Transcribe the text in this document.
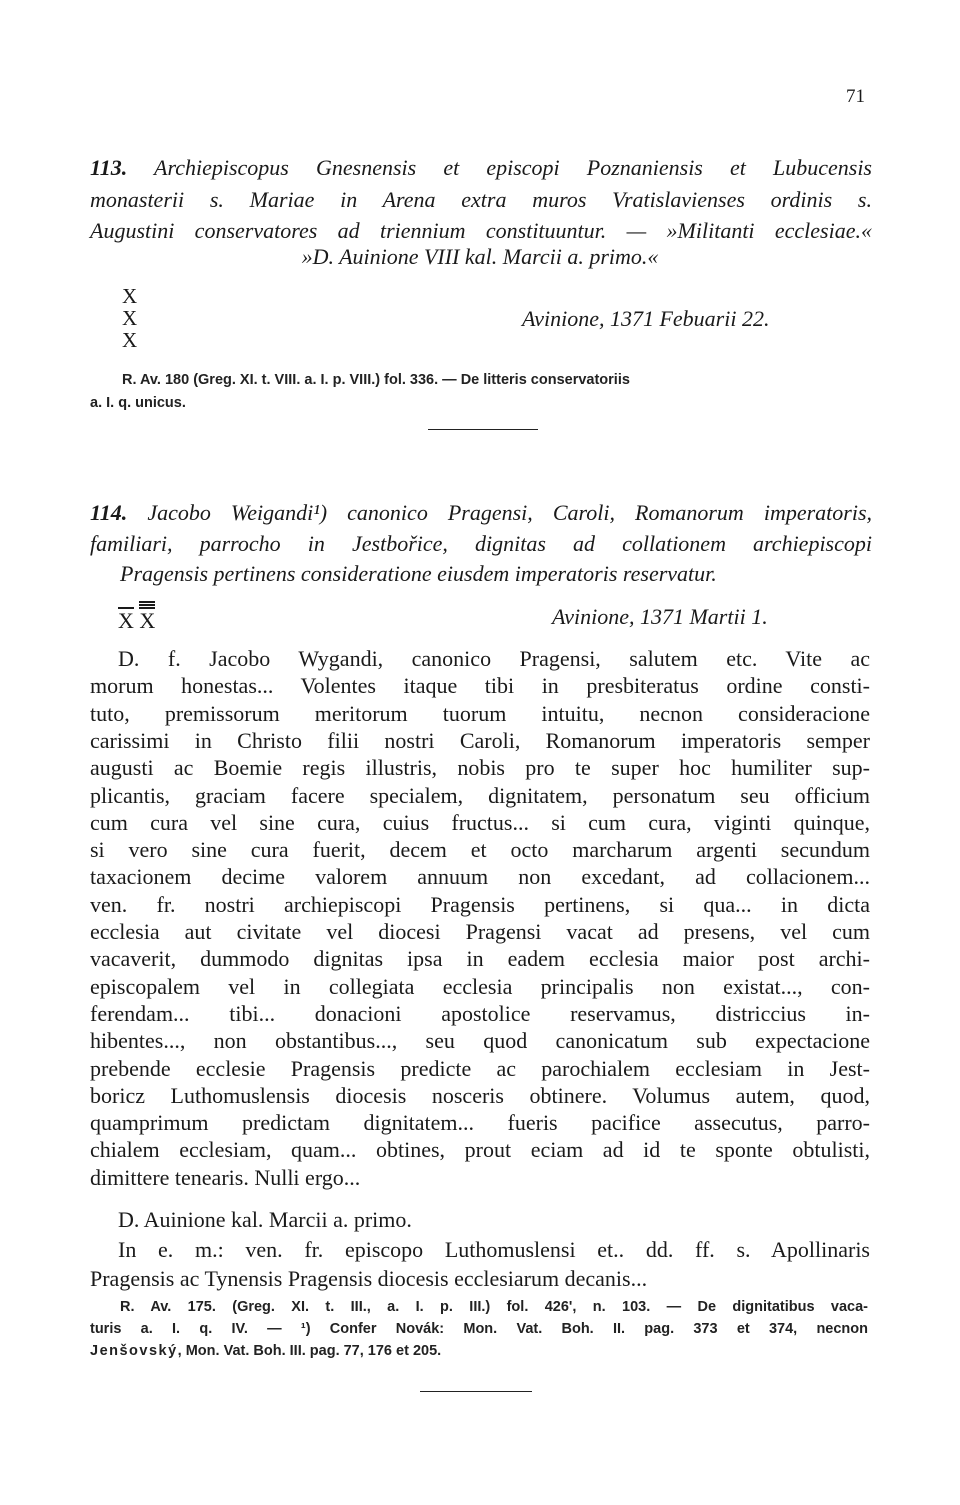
71
113. Archiepiscopus Gnesnensis et episcopi Poznaniensis et Lubucensis
monasterii s. Mariae in Arena extra muros Vratislavienses ordinis s.
Augustini conservatores ad triennium constituuntur. — »Militanti ecclesiae.«
»D. Auinione VIII kal. Marcii a. primo.«
X
X
X
Avinione, 1371 Febuarii 22.
R. Av. 180 (Greg. XI. t. VIII. a. I. p. VIII.) fol. 336. — De litteris conservatoriis
a. I. q. unicus.
114. Jacobo Weigandi¹) canonico Pragensi, Caroli, Romanorum imperatoris,
familiari, parrocho in Jestbořice, dignitas ad collationem archiepiscopi
Pragensis pertinens consideratione eiusdem imperatoris reservatur.
X X	Avinione, 1371 Martii 1.
D. f. Jacobo Wygandi, canonico Pragensi, salutem etc. Vite ac
morum honestas... Volentes itaque tibi in presbiteratus ordine consti-
tuto, premissorum meritorum tuorum intuitu, necnon consideracione
carissimi in Christo filii nostri Caroli, Romanorum imperatoris semper
augusti ac Boemie regis illustris, nobis pro te super hoc humiliter sup-
plicantis, graciam facere specialem, dignitatem, personatum seu officium
cum cura vel sine cura, cuius fructus... si cum cura, viginti quinque,
si vero sine cura fuerit, decem et octo marcharum argenti secundum
taxacionem decime valorem annuum non excedant, ad collacionem...
ven. fr. nostri archiepiscopi Pragensis pertinens, si qua... in dicta
ecclesia aut civitate vel diocesi Pragensi vacat ad presens, vel cum
vacaverit, dummodo dignitas ipsa in eadem ecclesia maior post archi-
episcopalem vel in collegiata ecclesia principalis non existat..., con-
ferendam... tibi... donacioni apostolice reservamus, districcius in-
hibentes..., non obstantibus..., seu quod canonicatum sub expectacione
prebende ecclesie Pragensis predicte ac parochialem ecclesiam in Jest-
boricz Luthomuslensis diocesis nosceris obtinere. Volumus autem, quod,
quamprimum predictam dignitatem... fueris pacifice assecutus, parro-
chialem ecclesiam, quam... obtines, prout eciam ad id te sponte obtulisti,
dimittere tenearis. Nulli ergo...
D. Auinione kal. Marcii a. primo.
In e. m.: ven. fr. episcopo Luthomuslensi et.. dd. ff. s. Apollinaris
Pragensis ac Tynensis Pragensis diocesis ecclesiarum decanis...
R. Av. 175. (Greg. XI. t. III., a. I. p. III.) fol. 426', n. 103. — De dignitatibus vaca-
turis a. I. q. IV. — ¹) Confer Novák: Mon. Vat. Boh. II. pag. 373 et 374, necnon
Jenšovský, Mon. Vat. Boh. III. pag. 77, 176 et 205.
